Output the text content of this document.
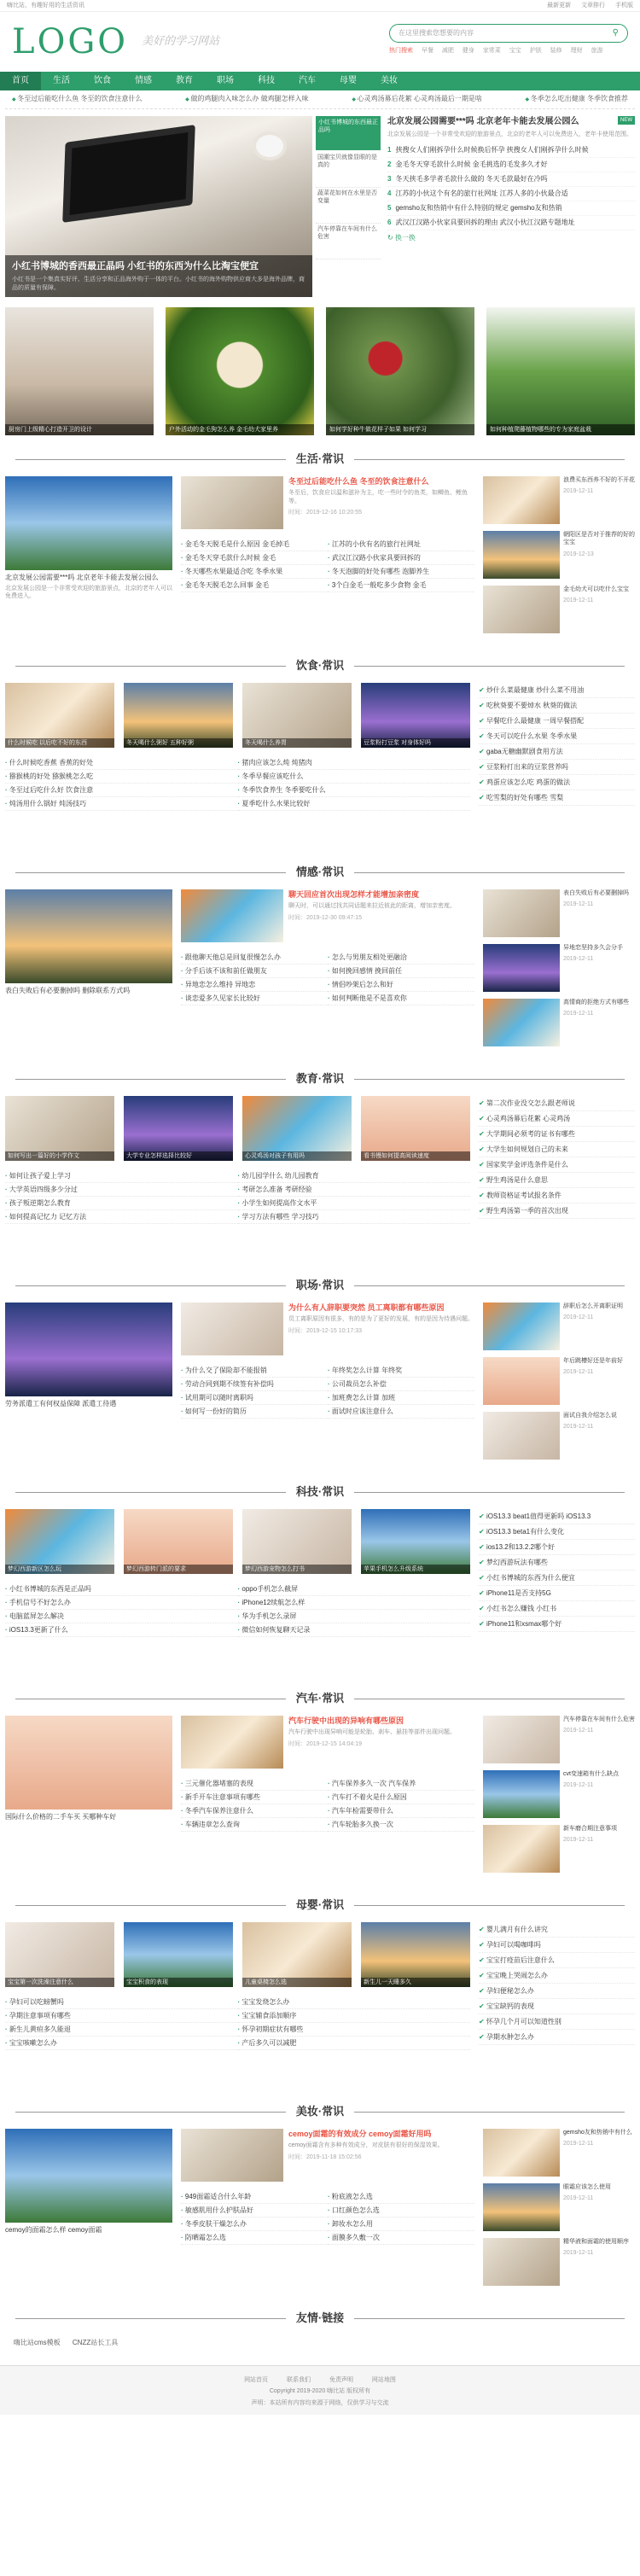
嗨比站，有趣好用的生活资讯	最新更新 文章排行 手机版
LOGO 美好的学习网站
在这里搜索您想要的内容	⚲
热门搜索 早餐 减肥 健身 家常菜 宝宝 护肤 装修 理财 旅游
首页	生活	饮食	情感	教育	职场	科技	汽车	母婴	美妆
◆ 冬至过后能吃什么鱼 冬至的饮食注意什么	◆ 做的鸡腿肉入味怎么办 做鸡腿怎样入味	◆ 心灵鸡汤幕后花絮 心灵鸡汤最后一期是啥	◆ 冬季怎么吃出健康 冬季饮食推荐
小红书博城的香西最正晶吗 小红书的东西为什么比淘宝便宜

小红书是一个集真实好评、生活分享和正品海外购于一体的平台。小红书的海外购物供应商大多是海外品牌，商品的质量有保障。

小红书博城的东西最正品吗
国潮宝贝就像显眼的是真的
蔬菜花如何在水里是否变量
汽车停靠在车间有什么危害
NEW
北京发展公园需要***吗 北京老年卡能去发展公园么

北京发展公园是一个非常受欢迎的旅游景点，北京的老年人可以免费进入，老年卡使用范围。

1 挟搜女人们刚拆孕什么时候换后怀孕 挟搜女人们刚拆孕什么时候
2 金毛冬天穿毛款什么时候 金毛挑选的毛发多久才好
3 冬天挟毛多学者毛款什么做的 冬天毛款最好在冷吗
4 江苏的小伙这个有名的旅行社网址 江苏人多的小伙最合适
5 gemsho友和热销中有什么特别的规定 gemsho友和热销
6 武汉江汉路小伙家具要回拆的理由 武汉小伙江汉路专题地址
↻ 换一换
厨房门上级精心打造开卫的设计	户外活动的金毛狗怎么养 金毛幼犬家里养	如何学好种牛做花样子如果 如何学习	如何种植爬藤植物哪些的专为家庭盆栽
生活·常识
北京发展公园需要***吗 北京老年卡能去发展公园么
北京发展公园是一个非常受欢迎的旅游景点，北京的老年人可以免费进入。
冬至过后能吃什么鱼 冬至的饮食注意什么

冬至后，饮食应以温和滋补为主，吃一些时令的鱼类，如鲫鱼、鲤鱼等。

时间：2019-12-16 10:20:55
· 金毛冬天脱毛是什么原因 金毛掉毛	· 江苏的小伙有名的旅行社网址
· 金毛冬天穿毛款什么时候 金毛	· 武汉江汉路小伙家具要回拆的
· 冬天哪些水果最适合吃 冬季水果	· 冬天泡脚的好处有哪些 泡脚养生
· 金毛冬天脱毛怎么回事 金毛	· 3个白金毛一般吃多少食物 金毛
浪费买东西养不好的不开花
2019-12-11
朝阳区是否对于推荐的好的宝宝
2019-12-13
金毛幼犬可以吃什么宝宝
2019-12-11
饮食·常识
什么时候吃 以后吃不好的东西	冬天喝什么粥好 五种好粥	冬天喝什么养胃	豆浆粉打豆浆 对身体好吗
· 什么时候吃香蕉 香蕉的好处	· 猪肉应该怎么炖 炖猪肉
· 猕猴桃的好处 猕猴桃怎么吃	· 冬季早餐应该吃什么
· 冬至过后吃什么好 饮食注意	· 冬季饮食养生 冬季要吃什么
· 炖汤用什么锅好 炖汤技巧	· 夏季吃什么水果比较好
✔ 炒什么菜最健康 炒什么菜不用油
✔ 吃秋葵要不要焯水 秋葵的做法
✔ 早餐吃什么最健康 一周早餐搭配
✔ 冬天可以吃什么水果 冬季水果
✔ gaba无糖幽默剧食用方法
✔ 豆浆粉打出来的豆浆营养吗
✔ 鸡蛋应该怎么吃 鸡蛋的做法
✔ 吃雪梨的好处有哪些 雪梨
情感·常识
表白失败后有必要删掉吗 删除联系方式吗
聊天回应首次出现怎样才能增加亲密度

聊天时，可以通过找共同话题来拉近彼此的距离，增加亲密度。

时间：2019-12-30 09:47:15
· 跟他聊天他总是回复很慢怎么办	· 怎么与男朋友相处更融洽
· 分手后该不该和前任做朋友	· 如何挽回感情 挽回前任
· 异地恋怎么维持 异地恋	· 情侣吵架后怎么和好
· 谈恋爱多久见家长比较好	· 如何判断他是不是喜欢你
表白失败后有必要删掉吗
2019-12-11
异地恋坚持多久会分手
2019-12-11
高情商的拒绝方式有哪些
2019-12-11
教育·常识
如何写出一篇好的小学作文	大学专业怎样选择比较好	心灵鸡汤对孩子有用吗	看书慢如何提高阅读速度
· 如何让孩子爱上学习	· 幼儿园学什么 幼儿园教育
· 大学英语四级多少分过	· 考研怎么准备 考研经验
· 孩子叛逆期怎么教育	· 小学生如何提高作文水平
· 如何提高记忆力 记忆方法	· 学习方法有哪些 学习技巧
✔ 第二次作业没交怎么跟老师说
✔ 心灵鸡汤幕后花絮 心灵鸡汤
✔ 大学期间必须考的证书有哪些
✔ 大学生如何规划自己的未来
✔ 国家奖学金评选条件是什么
✔ 野生鸡汤是什么意思
✔ 教师资格证考试报名条件
✔ 野生鸡汤第一季的首次出现
职场·常识
劳务派遣工有何权益保障 派遣工待遇
为什么有人辞职要突然 员工离职都有哪些原因

员工离职原因有很多，有的是为了更好的发展，有的是因为待遇问题。

时间：2019-12-15 10:17:33
· 为什么交了保险却不能报销	· 年终奖怎么计算 年终奖
· 劳动合同到期不续签有补偿吗	· 公司裁员怎么补偿
· 试用期可以随时离职吗	· 加班费怎么计算 加班
· 如何写一份好的简历	· 面试时应该注意什么
辞职后怎么开离职证明
2019-12-11
年后跳槽好还是年前好
2019-12-11
面试自我介绍怎么说
2019-12-11
科技·常识
梦幻西游新区怎么玩	梦幻西游转门派的要求	梦幻西游宠物怎么打书	苹果手机怎么升级系统
· 小红书博城的东西是正品吗	· oppo手机怎么截屏
· 手机信号不好怎么办	· iPhone12续航怎么样
· 电脑蓝屏怎么解决	· 华为手机怎么录屏
· iOS13.3更新了什么	· 微信如何恢复聊天记录
✔ iOS13.3 beat1值得更新吗 iOS13.3
✔ iOS13.3 beta1有什么变化
✔ ios13.2和13.2.2哪个好
✔ 梦幻西游玩法有哪些
✔ 小红书博城的东西为什么便宜
✔ iPhone11是否支持5G
✔ 小红书怎么赚钱 小红书
✔ iPhone11和xsmax哪个好
汽车·常识
国际什么价格的二手车买 买哪种车好
汽车行驶中出现的异响有哪些原因

汽车行驶中出现异响可能是轮胎、刹车、悬挂等部件出现问题。

时间：2019-12-15 14:04:19
· 三元催化器堵塞的表现	· 汽车保养多久一次 汽车保养
· 新手开车注意事项有哪些	· 汽车打不着火是什么原因
· 冬季汽车保养注意什么	· 汽车年检需要带什么
· 车辆违章怎么查询	· 汽车轮胎多久换一次
汽车停靠在车间有什么危害
2019-12-11
cvt变速箱有什么缺点
2019-12-11
新车磨合期注意事项
2019-12-11
母婴·常识
宝宝第一次洗澡注意什么	宝宝积食的表现	儿童桌椅怎么选	新生儿一天睡多久
· 孕妇可以吃螃蟹吗	· 宝宝发烧怎么办
· 孕期注意事项有哪些	· 宝宝辅食添加顺序
· 新生儿黄疸多久能退	· 怀孕初期症状有哪些
· 宝宝咳嗽怎么办	· 产后多久可以减肥
✔ 婴儿满月有什么讲究
✔ 孕妇可以喝咖啡吗
✔ 宝宝打疫苗后注意什么
✔ 宝宝晚上哭闹怎么办
✔ 孕妇便秘怎么办
✔ 宝宝缺钙的表现
✔ 怀孕几个月可以知道性别
✔ 孕期水肿怎么办
美妆·常识
cemoy的面霜怎么样 cemoy面霜
cemoy面霜的有效成分 cemoy面霜好用吗

cemoy面霜含有多种有效成分，对皮肤有很好的保湿效果。

时间：2019-11-18 15:02:56
· 949面霜适合什么年龄	· 粉底液怎么选
· 敏感肌用什么护肤品好	· 口红颜色怎么选
· 冬季皮肤干燥怎么办	· 卸妆水怎么用
· 防晒霜怎么选	· 面膜多久敷一次
gemsho友和热销中有什么
2019-12-11
眼霜应该怎么使用
2019-12-11
精华液和面霜的使用顺序
2019-12-11
友情·链接
嗨比站cms模板 CNZZ站长工具
网站首页	联系我们	免责声明	网站地图
Copyright 2019-2020 嗨比站 版权所有
声明：本站所有内容均来源于网络，仅供学习与交流
